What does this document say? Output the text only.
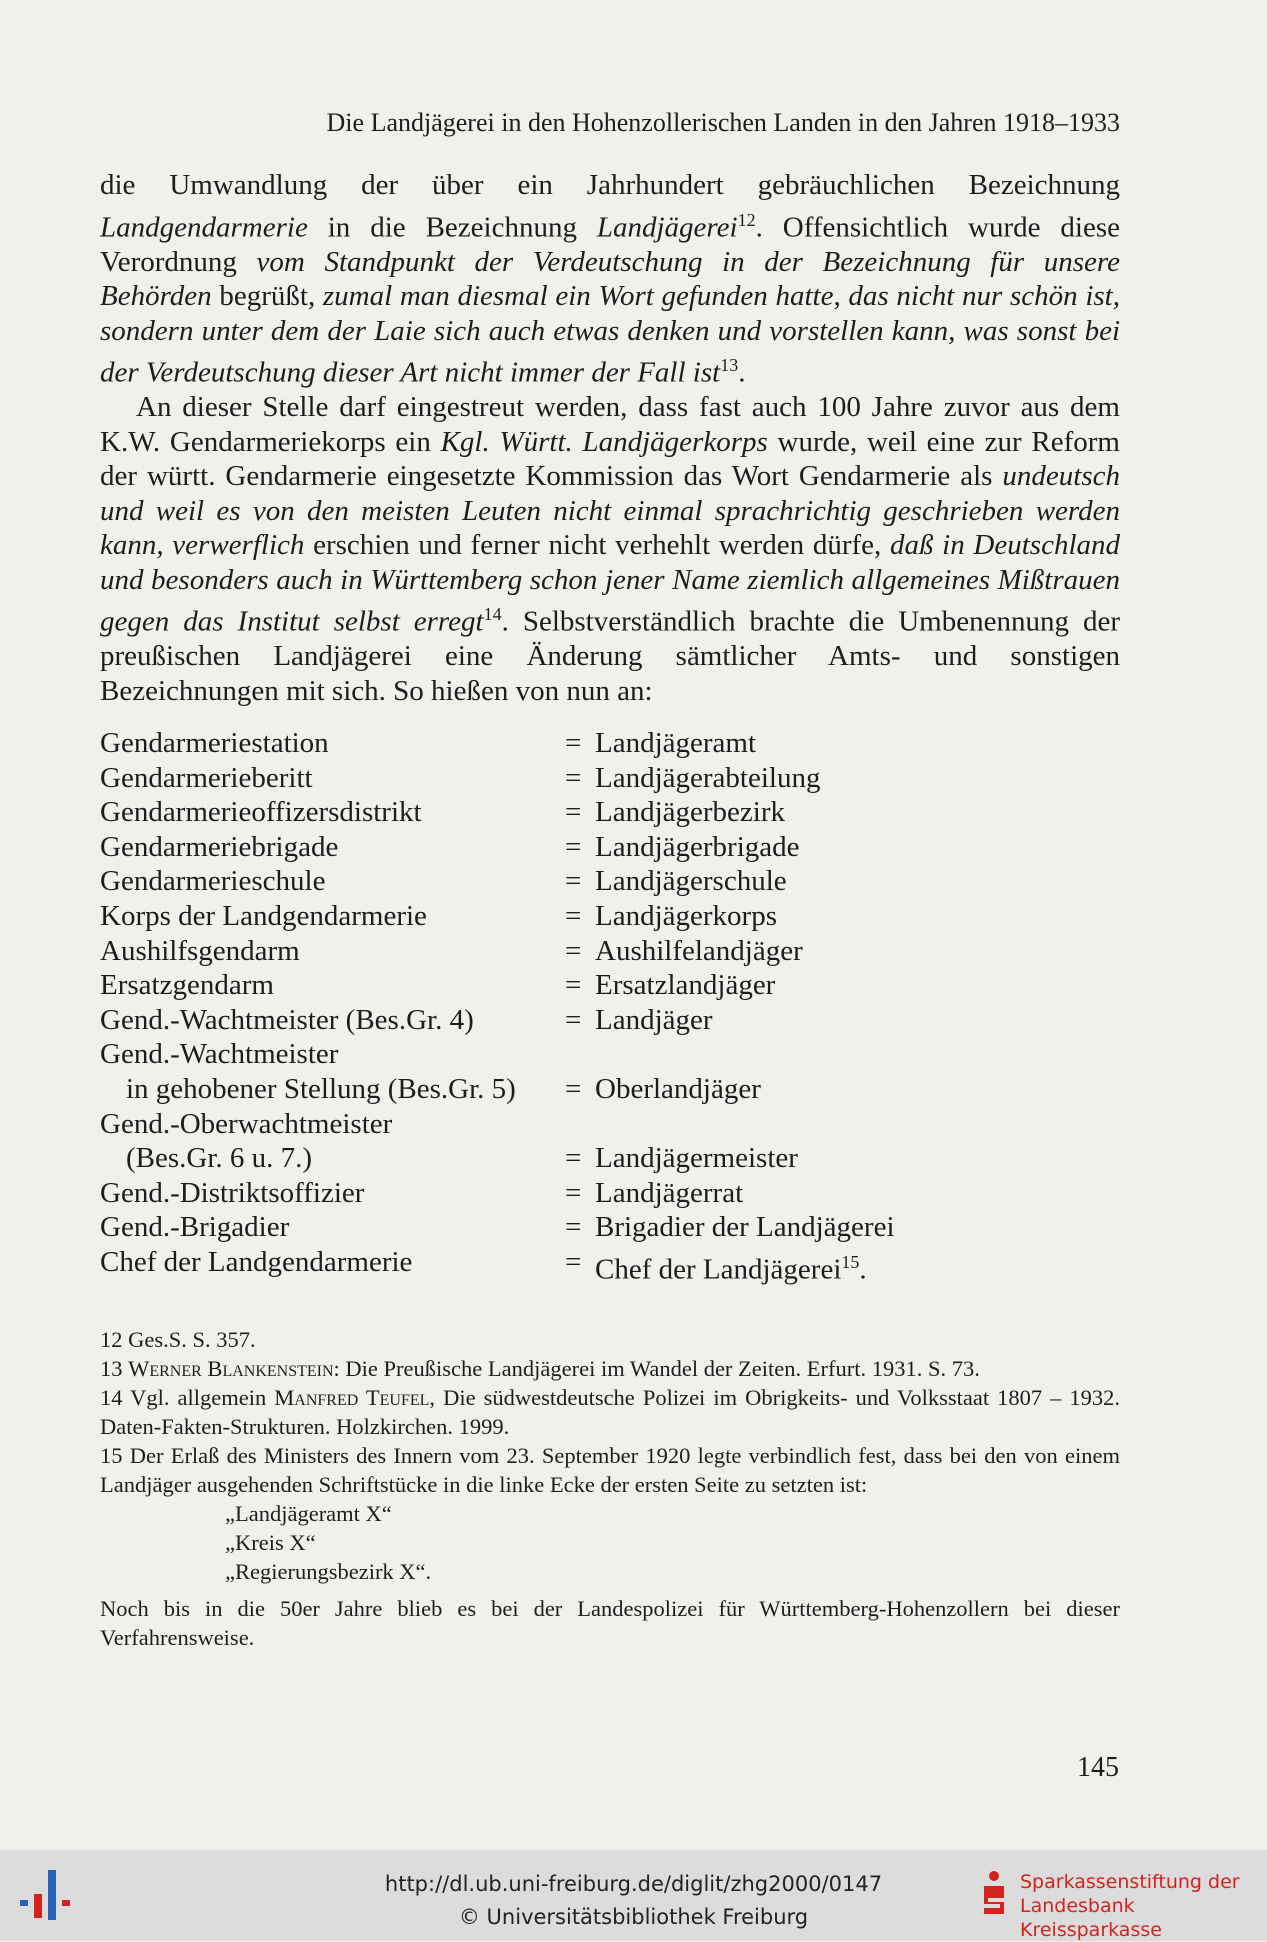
Die Landjägerei in den Hohenzollerischen Landen in den Jahren 1918–1933

die Umwandlung der über ein Jahrhundert gebräuchlichen Bezeichnung Landgendarmerie in die Bezeichnung Landjägerei$^{12}$. Offensichtlich wurde diese Verordnung vom Standpunkt der Verdeutschung in der Bezeichnung für unsere Behörden begrüßt, zumal man diesmal ein Wort gefunden hatte, das nicht nur schön ist, sondern unter dem der Laie sich auch etwas denken und vorstellen kann, was sonst bei der Verdeutschung dieser Art nicht immer der Fall ist$^{13}$.

An dieser Stelle darf eingestreut werden, dass fast auch 100 Jahre zuvor aus dem K.W. Gendarmeriekorps ein Kgl. Württ. Landjägerkorps wurde, weil eine zur Reform der württ. Gendarmerie eingesetzte Kommission das Wort Gendarmerie als undeutsch und weil es von den meisten Leuten nicht einmal sprachrichtig geschrieben werden kann, verwerflich erschien und ferner nicht verhehlt werden dürfe, daß in Deutschland und besonders auch in Württemberg schon jener Name ziemlich allgemeines Mißtrauen gegen das Institut selbst erregt$^{14}$. Selbstverständlich brachte die Umbenennung der preußischen Landjägerei eine Änderung sämtlicher Amts- und sonstigen Bezeichnungen mit sich. So hießen von nun an:

Gendarmeriestation	= Landjägeramt
Gendarmerieberitt	= Landjägerabteilung
Gendarmerieoffizersdistrikt	= Landjägerbezirk
Gendarmeriebrigade	= Landjägerbrigade
Gendarmerieschule	= Landjägerschule
Korps der Landgendarmerie	= Landjägerkorps
Aushilfsgendarm	= Aushilfelandjäger
Ersatzgendarm	= Ersatzlandjäger
Gend.-Wachtmeister (Bes.Gr. 4)	= Landjäger
Gend.-Wachtmeister
in gehobener Stellung (Bes.Gr. 5) = Oberlandjäger
Gend.-Oberwachtmeister
(Bes.Gr. 6 u. 7.)	= Landjägermeister
Gend.-Distriktsoffizier	= Landjägerrat
Gend.-Brigadier	= Brigadier der Landjägerei
Chef der Landgendarmerie	= Chef der Landjägerei$^{15}$.

12 Ges.S. S. 357.

13 Werner Blankenstein: Die Preußische Landjägerei im Wandel der Zeiten. Erfurt. 1931. S. 73.

14 Vgl. allgemein Manfred Teufel, Die südwestdeutsche Polizei im Obrigkeits- und Volksstaat 1807 – 1932. Daten-Fakten-Strukturen. Holzkirchen. 1999.

15 Der Erlaß des Ministers des Innern vom 23. September 1920 legte verbindlich fest, dass bei den von einem Landjäger ausgehenden Schriftstücke in die linke Ecke der ersten Seite zu setzten ist:

„Landjägeramt X“

„Kreis X“

„Regierungsbezirk X“.

Noch bis in die 50er Jahre blieb es bei der Landespolizei für Württemberg-Hohenzollern bei dieser Verfahrensweise.

145
http://dl.ub.uni-freiburg.de/diglit/zhg2000/0147
© Universitätsbibliothek Freiburg
Sparkassenstiftung der
Landesbank Kreissparkasse
